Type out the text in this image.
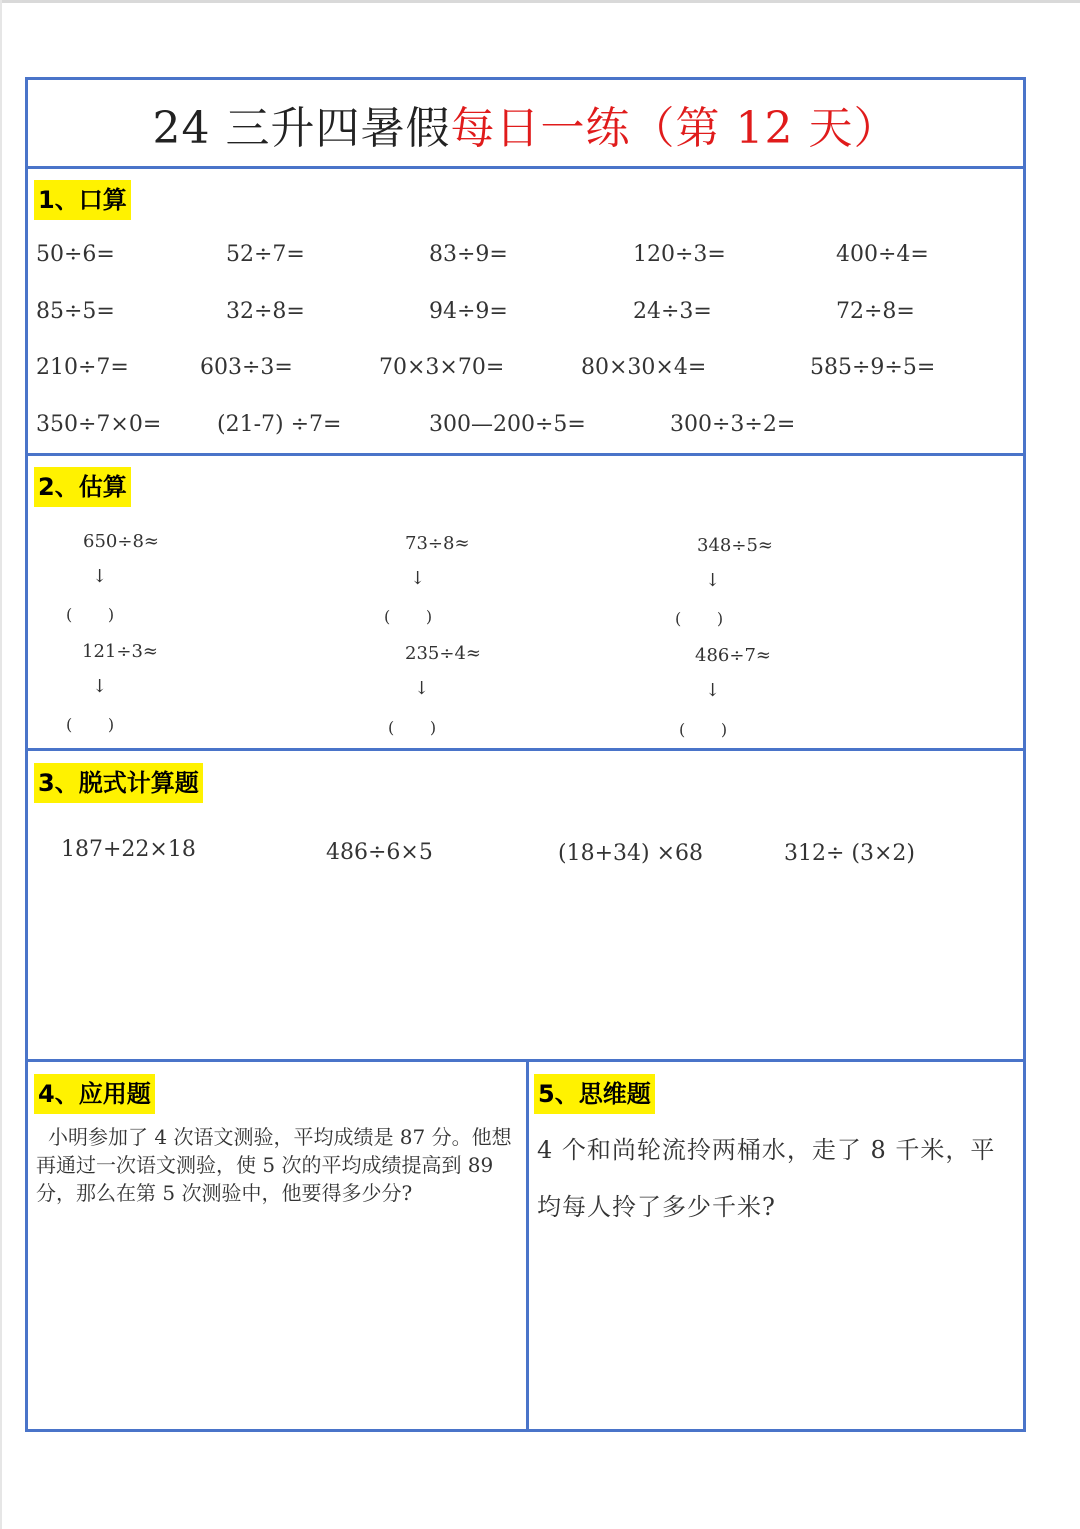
24 三升四暑假 每日一练（第 12 天）
1、口算
50÷6=	52÷7=	83÷9=	120÷3=	400÷4=
85÷5=	32÷8=	94÷9=	24÷3=	72÷8=
210÷7=	603÷3=	70×3×70=	80×30×4=	585÷9÷5=
350÷7×0=	(21-7) ÷7=	300—200÷5=	300÷3÷2=
2、估算
650÷8≈
↓
(       )
73÷8≈
↓
(       )
348÷5≈
↓
(       )
121÷3≈
↓
(       )
235÷4≈
↓
(       )
486÷7≈
↓
(       )
3、脱式计算题
187+22×18	486÷6×5	(18+34) ×68	312÷ (3×2)
4、应用题
小明参加了 4 次语文测验，平均成绩是 87 分。他想再通过一次语文测验，使 5 次的平均成绩提高到 89 分，那么在第 5 次测验中，他要得多少分?
5、思维题
4 个和尚轮流拎两桶水，走了 8 千米，平均每人拎了多少千米?
